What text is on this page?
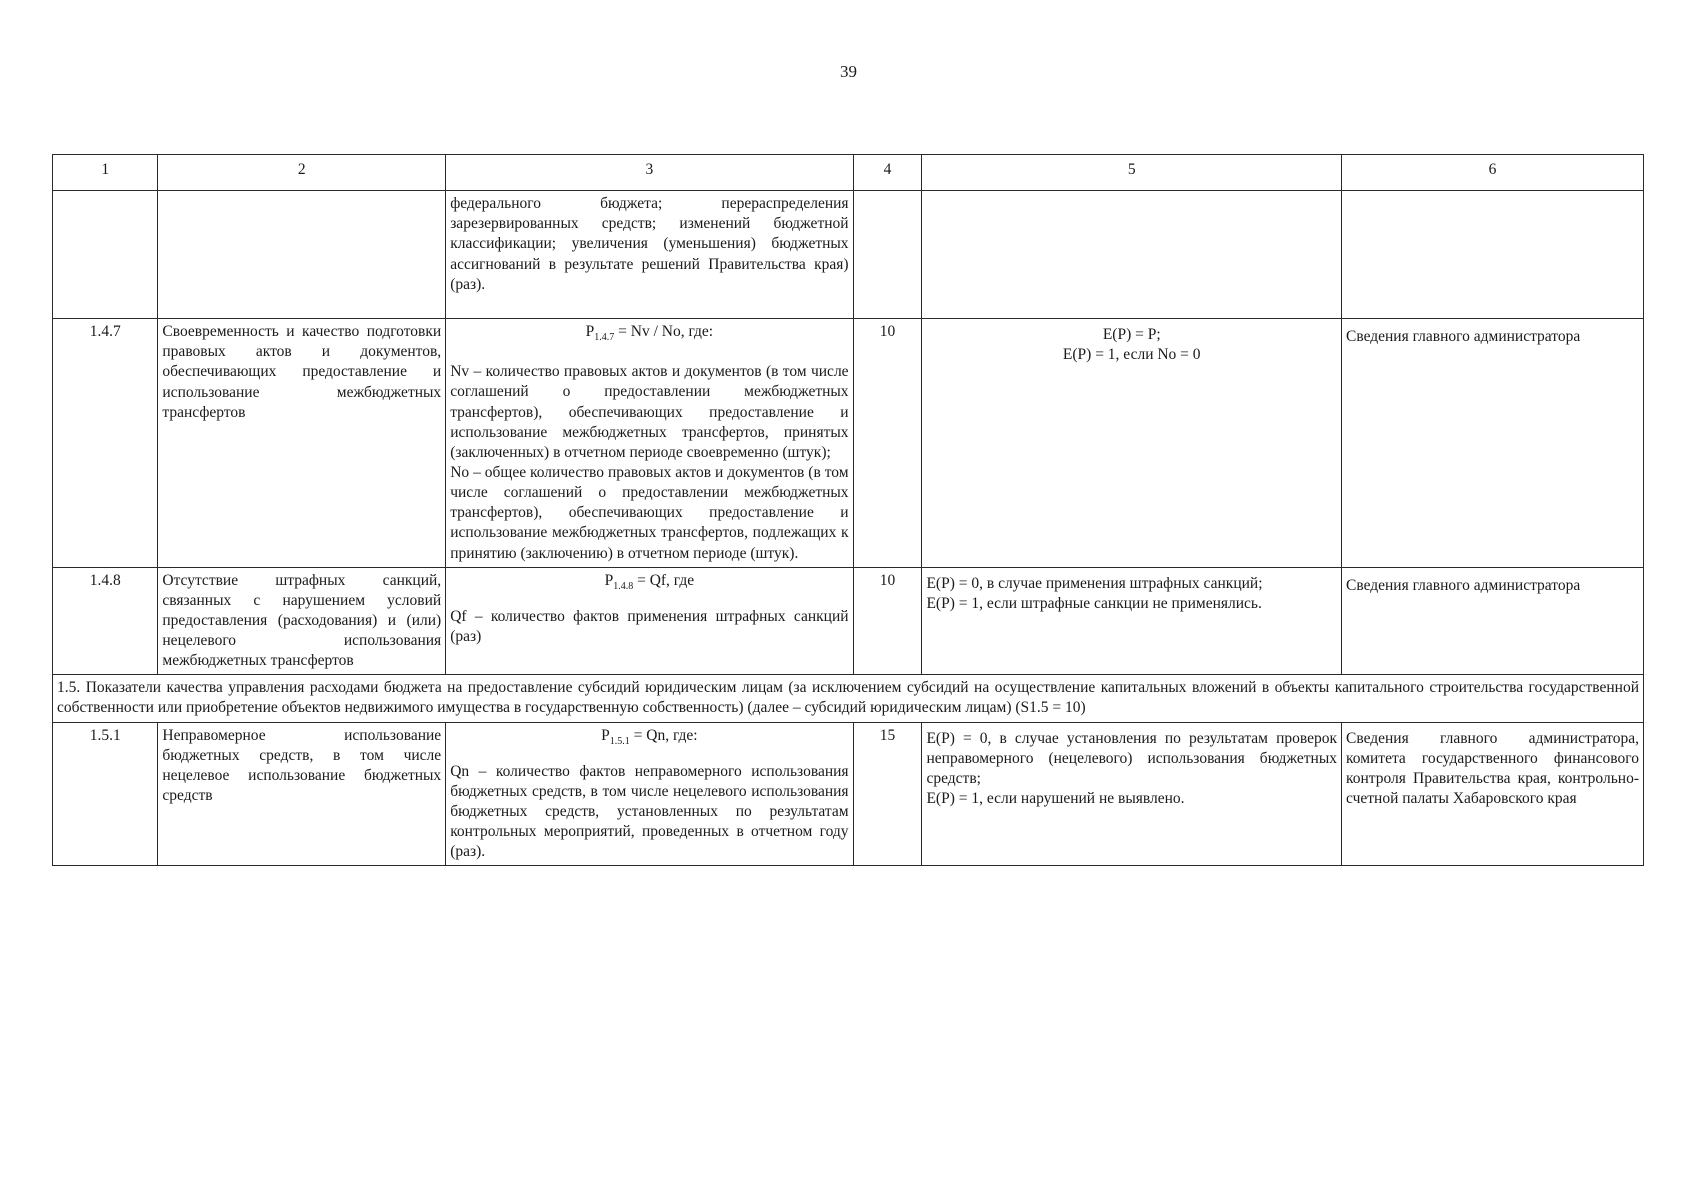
39
1	2	3	4	5	6
		федерального бюджета; перераспределения зарезервированных средств; изменений бюджетной классификации; увеличения (уменьшения) бюджетных ассигнований в результате решений Правительства края) (раз).			
1.4.7	Своевременность и качество подготовки правовых актов и документов, обеспечивающих предоставление и использование межбюджетных трансфертов	$P_{1.4.7} = Nv / No$, где:
Nv – количество правовых актов и документов (в том числе соглашений о предоставлении межбюджетных трансфертов), обеспечивающих предоставление и использование межбюджетных трансфертов, принятых (заключенных) в отчетном периоде своевременно (штук);
No – общее количество правовых актов и документов (в том числе соглашений о предоставлении межбюджетных трансфертов), обеспечивающих предоставление и использование межбюджетных трансфертов, подлежащих к принятию (заключению) в отчетном периоде (штук).	10	E(P) = P;
E(P) = 1, если No = 0	Сведения главного администратора
1.4.8	Отсутствие штрафных санкций, связанных с нарушением условий предоставления (расходования) и (или) нецелевого использования межбюджетных трансфертов	$P_{1.4.8} = Qf$, где
Qf – количество фактов применения штрафных санкций (раз)	10	E(P) = 0, в случае применения штрафных санкций;
E(P) = 1, если штрафные санкции не применялись.	Сведения главного администратора
1.5. Показатели качества управления расходами бюджета на предоставление субсидий юридическим лицам (за исключением субсидий на осуществление капитальных вложений в объекты капитального строительства государственной собственности или приобретение объектов недвижимого имущества в государственную собственность) (далее – субсидий юридическим лицам) (S1.5 = 10)					
1.5.1	Неправомерное использование бюджетных средств, в том числе нецелевое использование бюджетных средств	$P_{1.5.1} = Qn$, где:
Qn – количество фактов неправомерного использования бюджетных средств, в том числе нецелевого использования бюджетных средств, установленных по результатам контрольных мероприятий, проведенных в отчетном году (раз).	15	E(P) = 0, в случае установления по результатам проверок неправомерного (нецелевого) использования бюджетных средств;
E(P) = 1, если нарушений не выявлено.	Сведения главного администратора, комитета государственного финансового контроля Правительства края, контрольно-счетной палаты Хабаровского края
